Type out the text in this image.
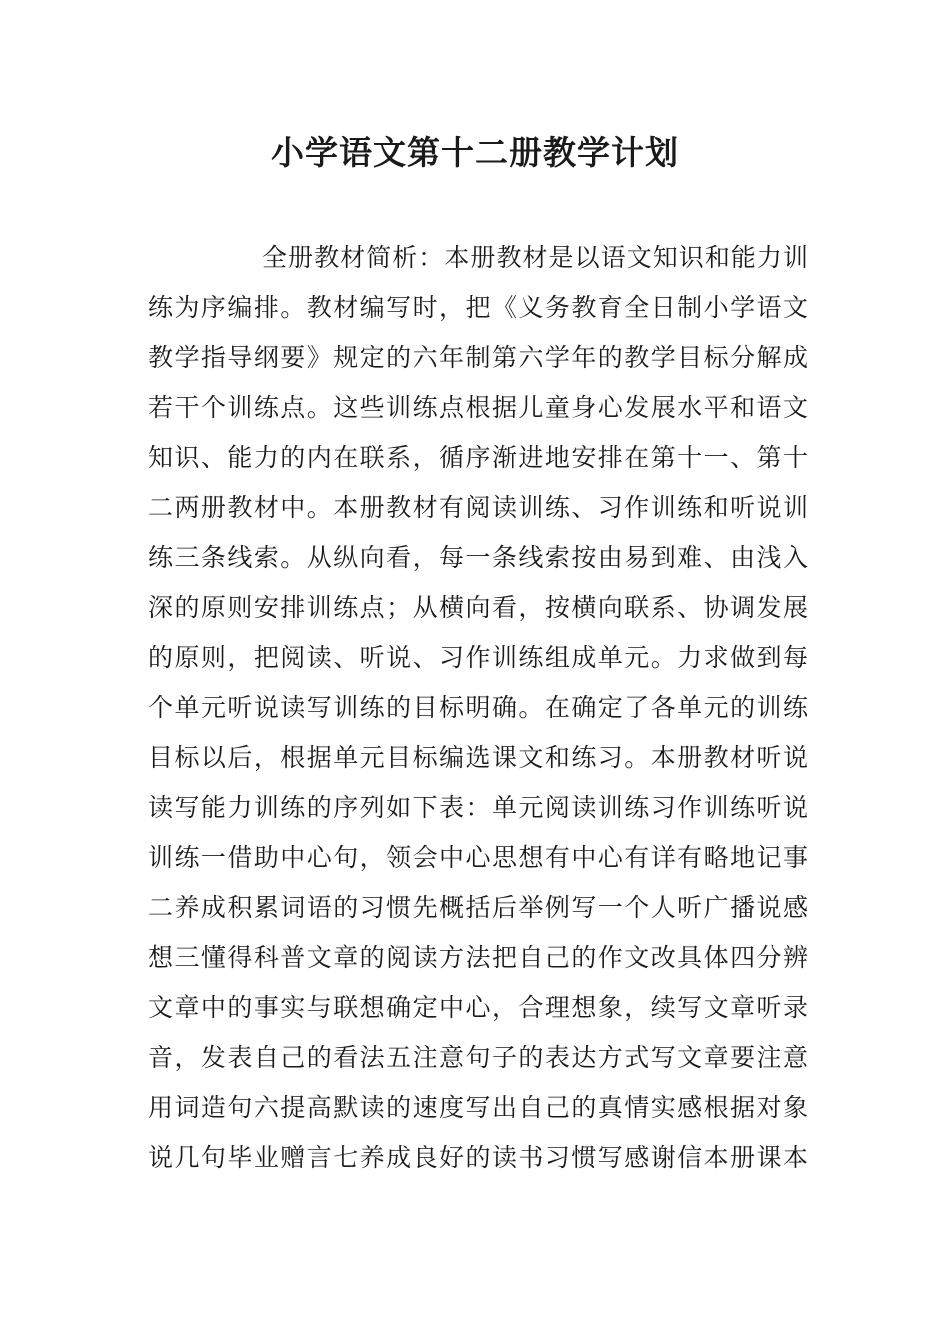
小学语文第十二册教学计划
全册教材简析：本册教材是以语文知识和能力训
练为序编排。教材编写时，把《义务教育全日制小学语文
教学指导纲要》规定的六年制第六学年的教学目标分解成
若干个训练点。这些训练点根据儿童身心发展水平和语文
知识、能力的内在联系，循序渐进地安排在第十一、第十
二两册教材中。本册教材有阅读训练、习作训练和听说训
练三条线索。从纵向看，每一条线索按由易到难、由浅入
深的原则安排训练点；从横向看，按横向联系、协调发展
的原则，把阅读、听说、习作训练组成单元。力求做到每
个单元听说读写训练的目标明确。在确定了各单元的训练
目标以后，根据单元目标编选课文和练习。本册教材听说
读写能力训练的序列如下表：单元阅读训练习作训练听说
训练一借助中心句，领会中心思想有中心有详有略地记事
二养成积累词语的习惯先概括后举例写一个人听广播说感
想三懂得科普文章的阅读方法把自己的作文改具体四分辨
文章中的事实与联想确定中心，合理想象，续写文章听录
音，发表自己的看法五注意句子的表达方式写文章要注意
用词造句六提高默读的速度写出自己的真情实感根据对象
说几句毕业赠言七养成良好的读书习惯写感谢信本册课本
